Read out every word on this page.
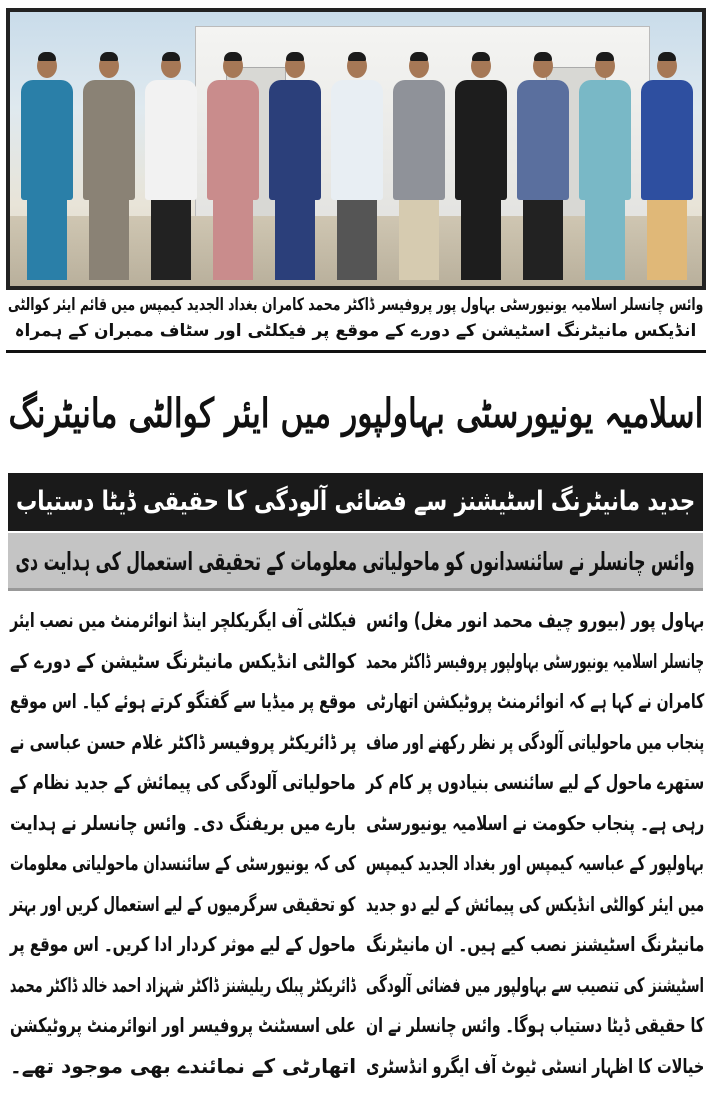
وائس چانسلر اسلامیہ یونیورسٹی بہاول پور پروفیسر ڈاکٹر محمد کامران بغداد الجدید کیمپس میں قائم ایئر کوالٹی
انڈیکس مانیٹرنگ اسٹیشن کے دورے کے موقع پر فیکلٹی اور سٹاف ممبران کے ہمراہ
اسلامیہ یونیورسٹی بہاولپور میں ایئر کوالٹی مانیٹرنگ
جدید مانیٹرنگ اسٹیشنز سے فضائی آلودگی کا حقیقی ڈیٹا دستیاب
وائس چانسلر نے سائنسدانوں کو ماحولیاتی معلومات کے تحقیقی استعمال کی ہدایت دی
بہاول پور (بیورو چیف محمد انور مغل) وائس
چانسلر اسلامیہ یونیورسٹی بہاولپور پروفیسر ڈاکٹر محمد
کامران نے کہا ہے کہ انوائرمنٹ پروٹیکشن اتھارٹی
پنجاب میں ماحولیاتی آلودگی پر نظر رکھنے اور صاف
ستھرے ماحول کے لیے سائنسی بنیادوں پر کام کر
رہی ہے۔ پنجاب حکومت نے اسلامیہ یونیورسٹی
بہاولپور کے عباسیہ کیمپس اور بغداد الجدید کیمپس
میں ایئر کوالٹی انڈیکس کی پیمائش کے لیے دو جدید
مانیٹرنگ اسٹیشنز نصب کیے ہیں۔ ان مانیٹرنگ
اسٹیشنز کی تنصیب سے بہاولپور میں فضائی آلودگی
کا حقیقی ڈیٹا دستیاب ہوگا۔ وائس چانسلر نے ان
خیالات کا اظہار انسٹی ٹیوٹ آف ایگرو انڈسٹری
فیکلٹی آف ایگریکلچر اینڈ انوائرمنٹ میں نصب ایئر
کوالٹی انڈیکس مانیٹرنگ سٹیشن کے دورے کے
موقع پر میڈیا سے گفتگو کرتے ہوئے کیا۔ اس موقع
پر ڈائریکٹر پروفیسر ڈاکٹر غلام حسن عباسی نے
ماحولیاتی آلودگی کی پیمائش کے جدید نظام کے
بارے میں بریفنگ دی۔ وائس چانسلر نے ہدایت
کی کہ یونیورسٹی کے سائنسدان ماحولیاتی معلومات
کو تحقیقی سرگرمیوں کے لیے استعمال کریں اور بہتر
ماحول کے لیے موثر کردار ادا کریں۔ اس موقع پر
ڈائریکٹر پبلک ریلیشنز ڈاکٹر شہزاد احمد خالد ڈاکٹر محمد
علی اسسٹنٹ پروفیسر اور انوائرمنٹ پروٹیکشن
اتھارٹی کے نمائندے بھی موجود تھے۔
